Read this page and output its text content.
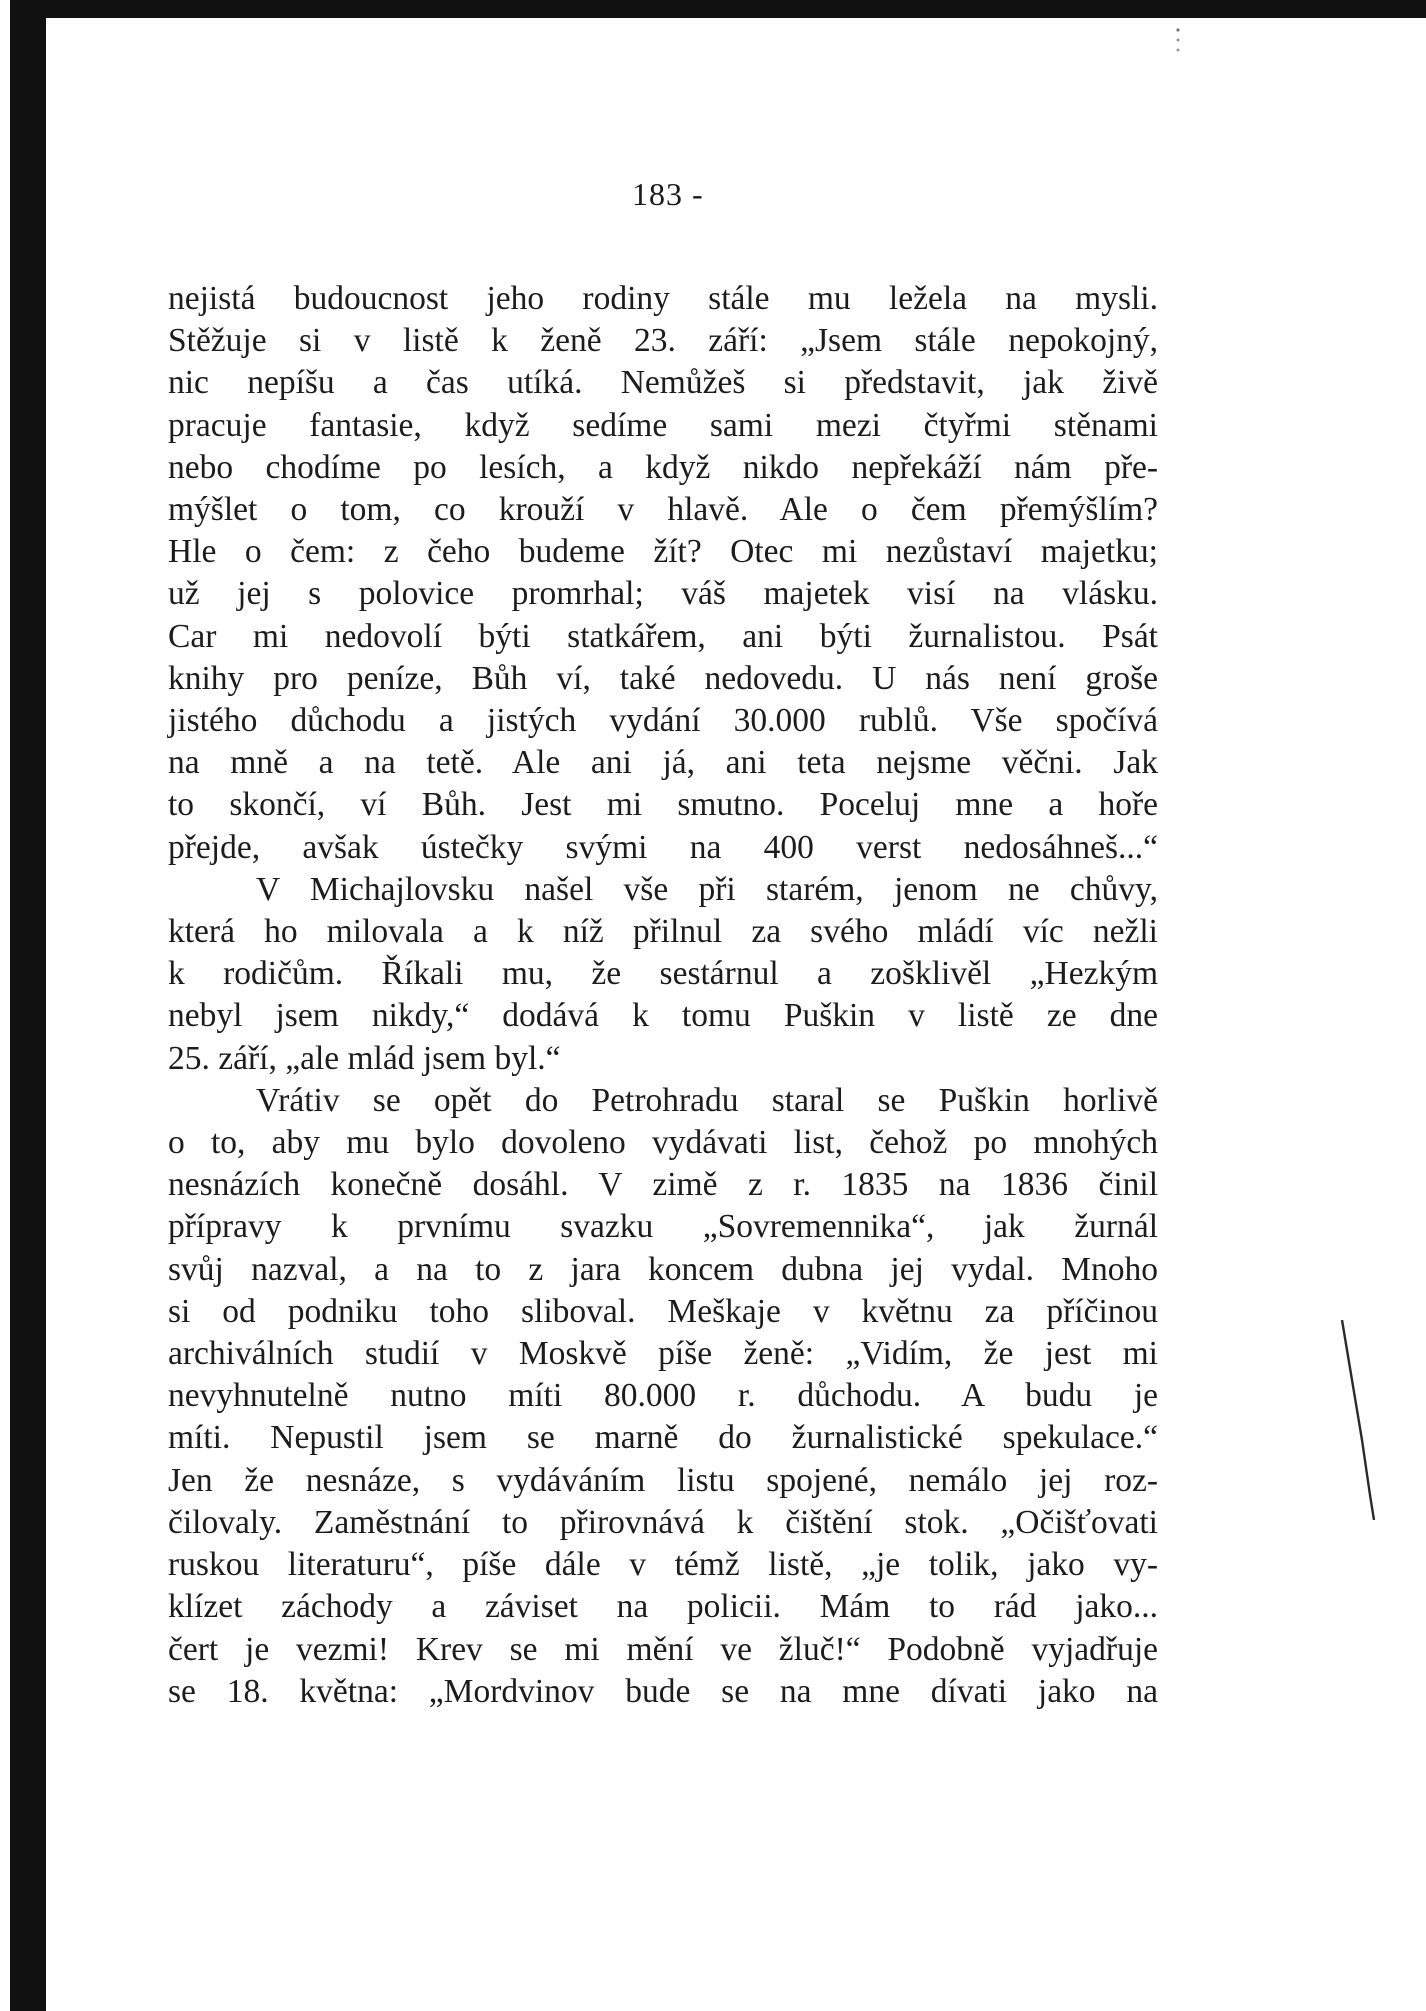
183 -
nejistá budoucnost jeho rodiny stále mu ležela na mysli.
Stěžuje si v listě k ženě 23. září: „Jsem stále nepokojný,
nic nepíšu a čas utíká. Nemůžeš si představit, jak živě
pracuje fantasie, když sedíme sami mezi čtyřmi stěnami
nebo chodíme po lesích, a když nikdo nepřekáží nám pře-
mýšlet o tom, co krouží v hlavě. Ale o čem přemýšlím?
Hle o čem: z čeho budeme žít? Otec mi nezůstaví majetku;
už jej s polovice promrhal; váš majetek visí na vlásku.
Car mi nedovolí býti statkářem, ani býti žurnalistou. Psát
knihy pro peníze, Bůh ví, také nedovedu. U nás není groše
jistého důchodu a jistých vydání 30.000 rublů. Vše spočívá
na mně a na tetě. Ale ani já, ani teta nejsme věčni. Jak
to skončí, ví Bůh. Jest mi smutno. Poceluj mne a hoře
přejde, avšak ústečky svými na 400 verst nedosáhneš...“
V Michajlovsku našel vše při starém, jenom ne chůvy,
která ho milovala a k níž přilnul za svého mládí víc nežli
k rodičům. Říkali mu, že sestárnul a zošklivěl „Hezkým
nebyl jsem nikdy,“ dodává k tomu Puškin v listě ze dne
25. září, „ale mlád jsem byl.“
Vrátiv se opět do Petrohradu staral se Puškin horlivě
o to, aby mu bylo dovoleno vydávati list, čehož po mnohých
nesnázích konečně dosáhl. V zimě z r. 1835 na 1836 činil
přípravy k prvnímu svazku „Sovremennika“, jak žurnál
svůj nazval, a na to z jara koncem dubna jej vydal. Mnoho
si od podniku toho sliboval. Meškaje v květnu za příčinou
archiválních studií v Moskvě píše ženě: „Vidím, že jest mi
nevyhnutelně nutno míti 80.000 r. důchodu. A budu je
míti. Nepustil jsem se marně do žurnalistické spekulace.“
Jen že nesnáze, s vydáváním listu spojené, nemálo jej roz-
čilovaly. Zaměstnání to přirovnává k čištění stok. „Očišťovati
ruskou literaturu“, píše dále v témž listě, „je tolik, jako vy-
klízet záchody a záviset na policii. Mám to rád jako...
čert je vezmi! Krev se mi mění ve žluč!“ Podobně vyjadřuje
se 18. května: „Mordvinov bude se na mne dívati jako na
